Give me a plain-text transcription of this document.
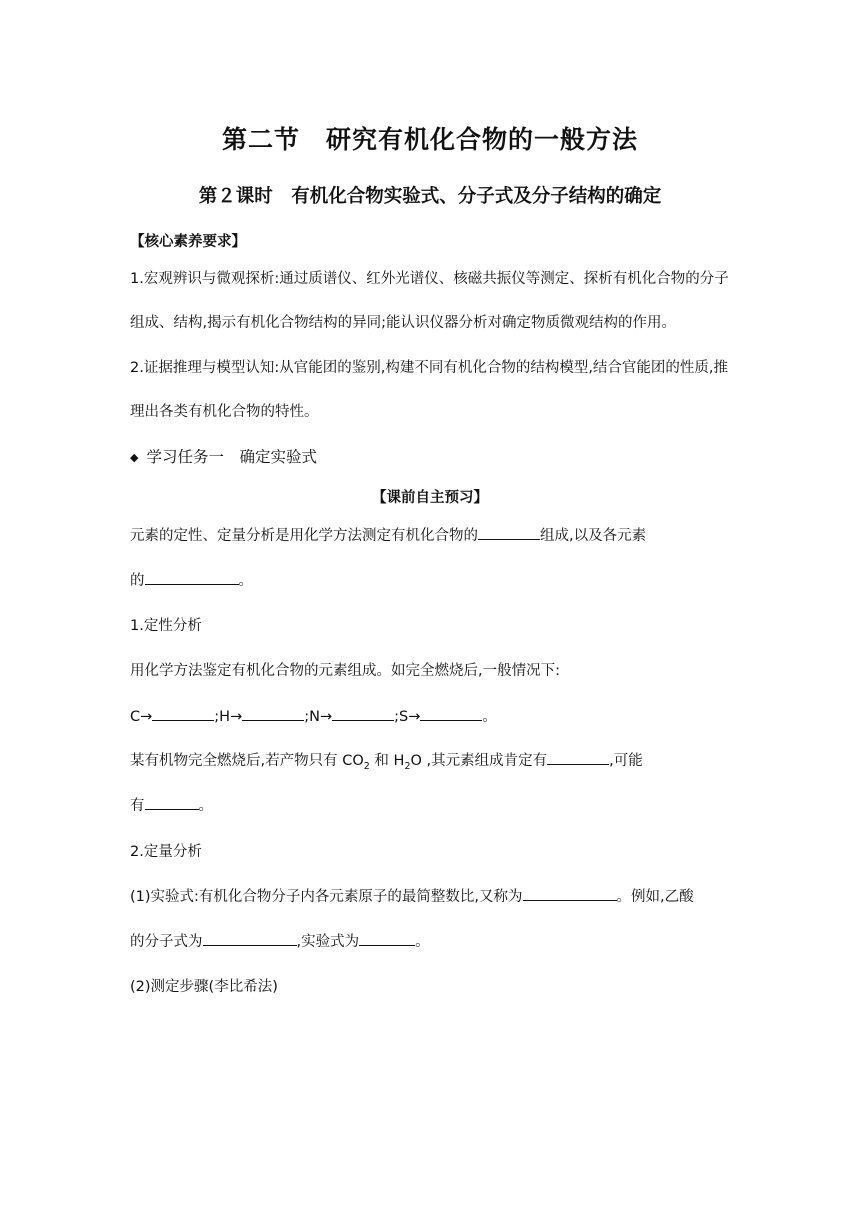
第二节　研究有机化合物的一般方法
第２课时　有机化合物实验式、分子式及分子结构的确定
【核心素养要求】
1.宏观辨识与微观探析:通过质谱仪、红外光谱仪、核磁共振仪等测定、探析有机化合物的分子
组成、结构,揭示有机化合物结构的异同;能认识仪器分析对确定物质微观结构的作用。
2.证据推理与模型认知:从官能团的鉴别,构建不同有机化合物的结构模型,结合官能团的性质,推
理出各类有机化合物的特性。
◆ 学习任务一　确定实验式
【课前自主预习】
元素的定性、定量分析是用化学方法测定有机化合物的	组成,以及各元素
的	。
1.定性分析
用化学方法鉴定有机化合物的元素组成。如完全燃烧后,一般情况下:
C→	;H→	;N→	;S→	。
某有机物完全燃烧后,若产物只有 $CO_2$ 和 $H_2O$ ,其元素组成肯定有	,可能
有	。
2.定量分析
(1)实验式:有机化合物分子内各元素原子的最简整数比,又称为	。例如,乙酸
的分子式为	,实验式为	。
(2)测定步骤(李比希法)
